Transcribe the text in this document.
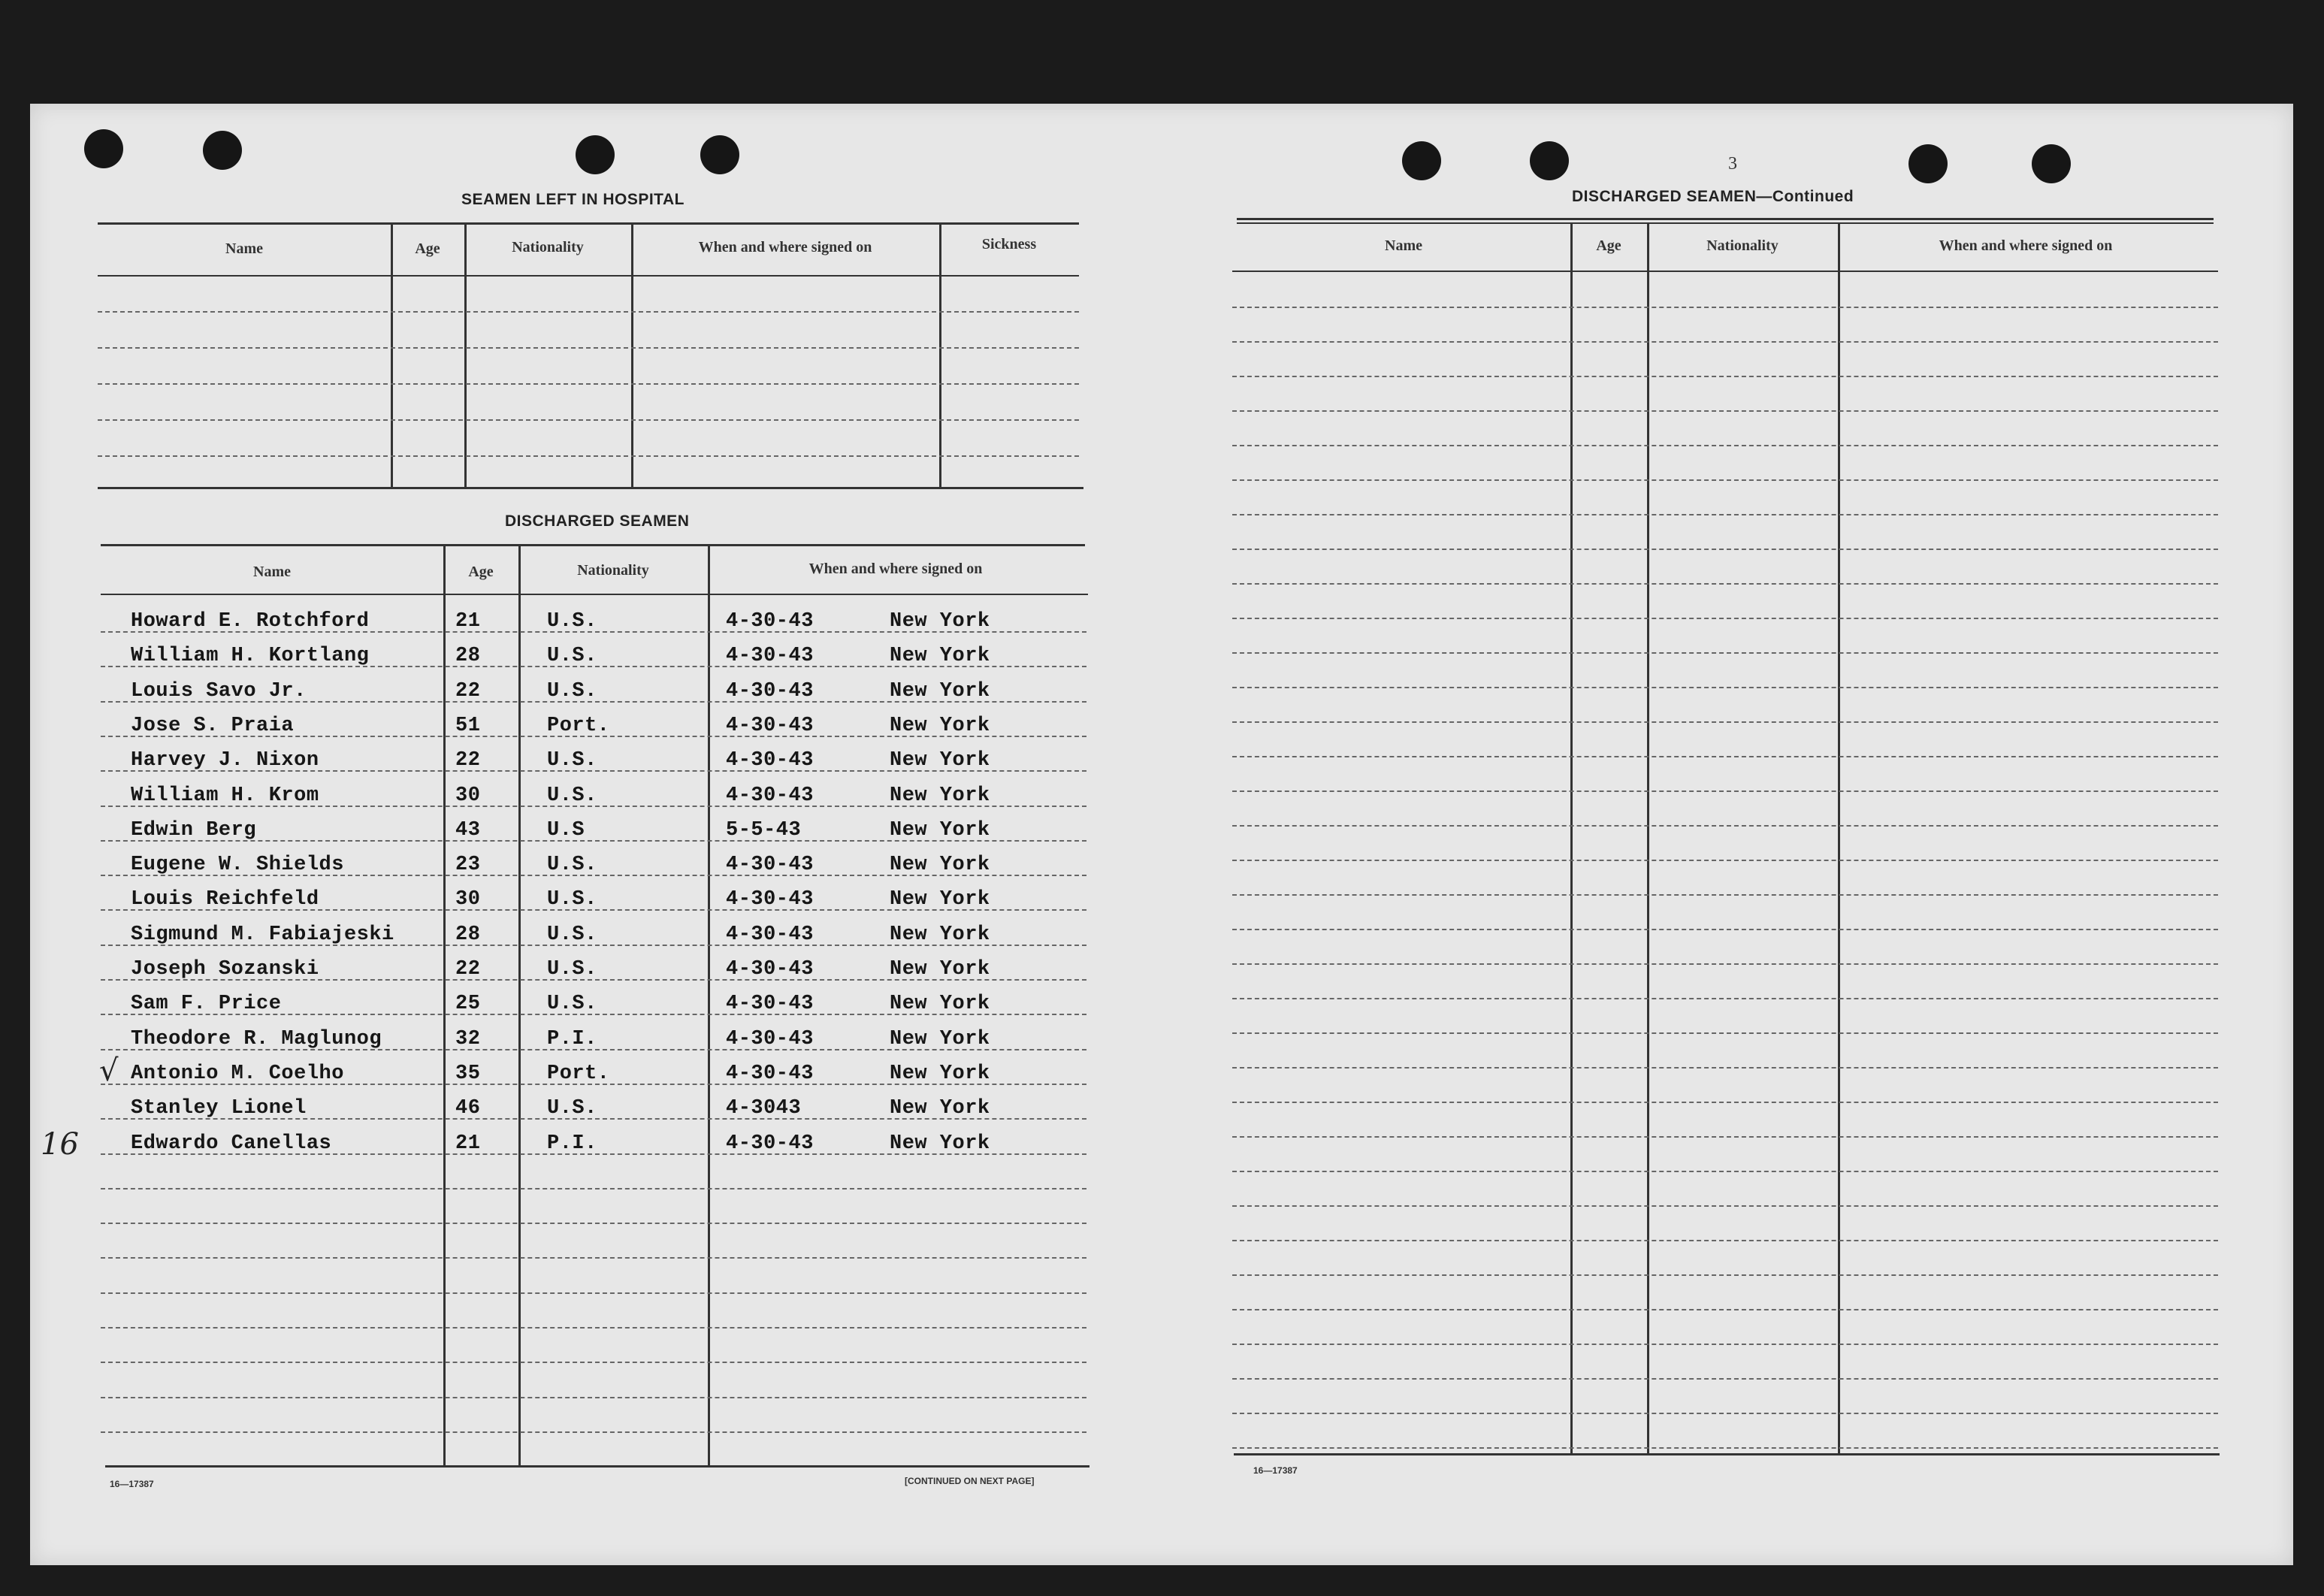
SEAMEN LEFT IN HOSPITAL
Name	Age	Nationality	When and where signed on	Sickness
DISCHARGED SEAMEN
Name	Age	Nationality	When and where signed on
Howard E. Rotchford	21	U.S.	4-30-43	New York
William H. Kortlang	28	U.S.	4-30-43	New York
Louis Savo Jr.	22	U.S.	4-30-43	New York
Jose S. Praia	51	Port.	4-30-43	New York
Harvey J. Nixon	22	U.S.	4-30-43	New York
William H. Krom	30	U.S.	4-30-43	New York
Edwin Berg	43	U.S	5-5-43	New York
Eugene W. Shields	23	U.S.	4-30-43	New York
Louis Reichfeld	30	U.S.	4-30-43	New York
Sigmund M. Fabiajeski	28	U.S.	4-30-43	New York
Joseph Sozanski	22	U.S.	4-30-43	New York
Sam F. Price	25	U.S.	4-30-43	New York
Theodore R. Maglunog	32	P.I.	4-30-43	New York
Antonio M. Coelho	35	Port.	4-30-43	New York
Stanley Lionel	46	U.S.	4-3043	New York
Edwardo Canellas	21	P.I.	4-30-43	New York
16
√
16—17387	[CONTINUED ON NEXT PAGE]
3
DISCHARGED SEAMEN—Continued
Name	Age	Nationality	When and where signed on
16—17387
